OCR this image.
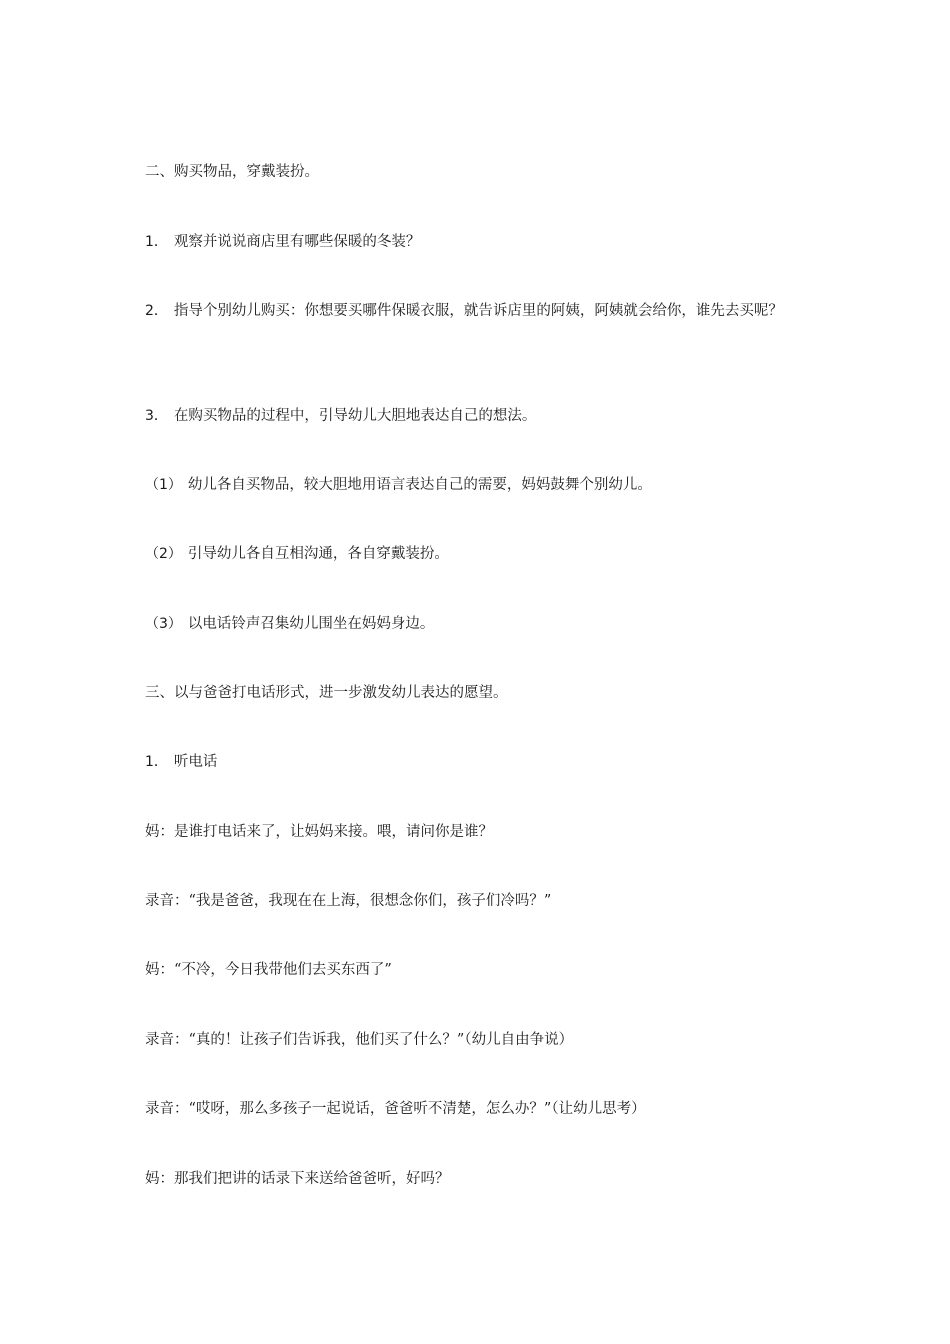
二、购买物品，穿戴装扮。
1． 观察并说说商店里有哪些保暖的冬装？
2． 指导个别幼儿购买：你想要买哪件保暖衣服，就告诉店里的阿姨，阿姨就会给你，谁先去买呢？
3． 在购买物品的过程中，引导幼儿大胆地表达自己的想法。
（1） 幼儿各自买物品，较大胆地用语言表达自己的需要，妈妈鼓舞个别幼儿。
（2） 引导幼儿各自互相沟通，各自穿戴装扮。
（3） 以电话铃声召集幼儿围坐在妈妈身边。
三、以与爸爸打电话形式，进一步激发幼儿表达的愿望。
1． 听电话
妈：是谁打电话来了，让妈妈来接。喂，请问你是谁？
录音：“我是爸爸，我现在在上海，很想念你们，孩子们冷吗？”
妈：“不冷，今日我带他们去买东西了”
录音：“真的！让孩子们告诉我，他们买了什么？”（幼儿自由争说）
录音：“哎呀，那么多孩子一起说话，爸爸听不清楚，怎么办？”（让幼儿思考）
妈：那我们把讲的话录下来送给爸爸听，好吗？
